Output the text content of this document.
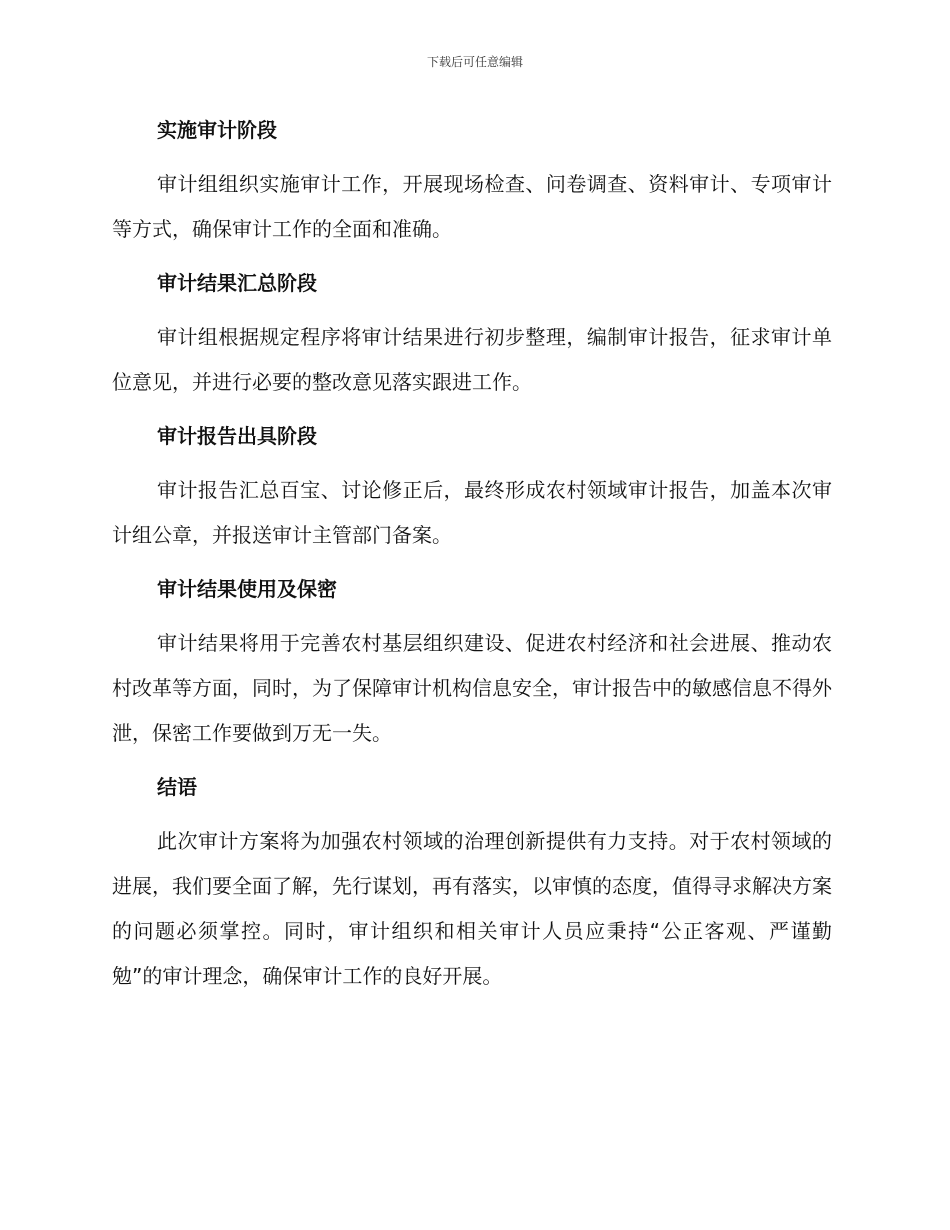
下载后可任意编辑
实施审计阶段

审计组组织实施审计工作，开展现场检查、问卷调查、资料审计、专项审计等方式，确保审计工作的全面和准确。

审计结果汇总阶段

审计组根据规定程序将审计结果进行初步整理，编制审计报告，征求审计单位意见，并进行必要的整改意见落实跟进工作。

审计报告出具阶段

审计报告汇总百宝、讨论修正后，最终形成农村领域审计报告，加盖本次审计组公章，并报送审计主管部门备案。

审计结果使用及保密

审计结果将用于完善农村基层组织建设、促进农村经济和社会进展、推动农村改革等方面，同时，为了保障审计机构信息安全，审计报告中的敏感信息不得外泄，保密工作要做到万无一失。

结语

此次审计方案将为加强农村领域的治理创新提供有力支持。对于农村领域的进展，我们要全面了解，先行谋划，再有落实，以审慎的态度，值得寻求解决方案的问题必须掌控。同时，审计组织和相关审计人员应秉持“公正客观、严谨勤勉”的审计理念，确保审计工作的良好开展。
